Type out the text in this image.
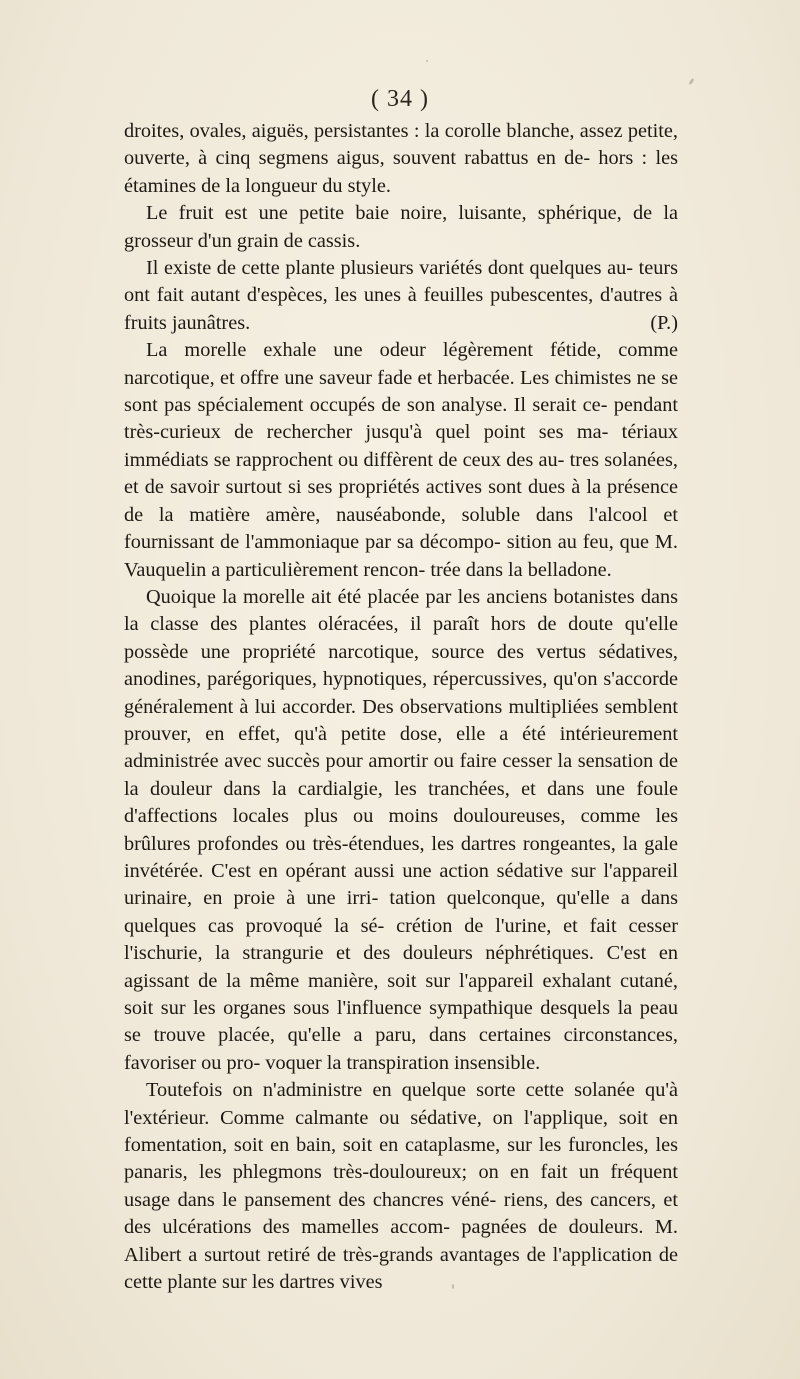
( 34 )

droites, ovales, aiguës, persistantes : la corolle blanche, assez petite, ouverte, à cinq segmens aigus, souvent rabattus en de- hors : les étamines de la longueur du style.

Le fruit est une petite baie noire, luisante, sphérique, de la grosseur d'un grain de cassis.

Il existe de cette plante plusieurs variétés dont quelques au- teurs ont fait autant d'espèces, les unes à feuilles pubescentes, d'autres à fruits jaunâtres.	(P.)

La morelle exhale une odeur légèrement fétide, comme narcotique, et offre une saveur fade et herbacée. Les chimistes ne se sont pas spécialement occupés de son analyse. Il serait ce- pendant très-curieux de rechercher jusqu'à quel point ses ma- tériaux immédiats se rapprochent ou diffèrent de ceux des au- tres solanées, et de savoir surtout si ses propriétés actives sont dues à la présence de la matière amère, nauséabonde, soluble dans l'alcool et fournissant de l'ammoniaque par sa décompo- sition au feu, que M. Vauquelin a particulièrement rencon- trée dans la belladone.

Quoique la morelle ait été placée par les anciens botanistes dans la classe des plantes oléracées, il paraît hors de doute qu'elle possède une propriété narcotique, source des vertus sédatives, anodines, parégoriques, hypnotiques, répercussives, qu'on s'accorde généralement à lui accorder. Des observations multipliées semblent prouver, en effet, qu'à petite dose, elle a été intérieurement administrée avec succès pour amortir ou faire cesser la sensation de la douleur dans la cardialgie, les tranchées, et dans une foule d'affections locales plus ou moins douloureuses, comme les brûlures profondes ou très-étendues, les dartres rongeantes, la gale invétérée. C'est en opérant aussi une action sédative sur l'appareil urinaire, en proie à une irri- tation quelconque, qu'elle a dans quelques cas provoqué la sé- crétion de l'urine, et fait cesser l'ischurie, la strangurie et des douleurs néphrétiques. C'est en agissant de la même manière, soit sur l'appareil exhalant cutané, soit sur les organes sous l'influence sympathique desquels la peau se trouve placée, qu'elle a paru, dans certaines circonstances, favoriser ou pro- voquer la transpiration insensible.

Toutefois on n'administre en quelque sorte cette solanée qu'à l'extérieur. Comme calmante ou sédative, on l'applique, soit en fomentation, soit en bain, soit en cataplasme, sur les furoncles, les panaris, les phlegmons très-douloureux; on en fait un fréquent usage dans le pansement des chancres véné- riens, des cancers, et des ulcérations des mamelles accom- pagnées de douleurs. M. Alibert a surtout retiré de très-grands avantages de l'application de cette plante sur les dartres vives
